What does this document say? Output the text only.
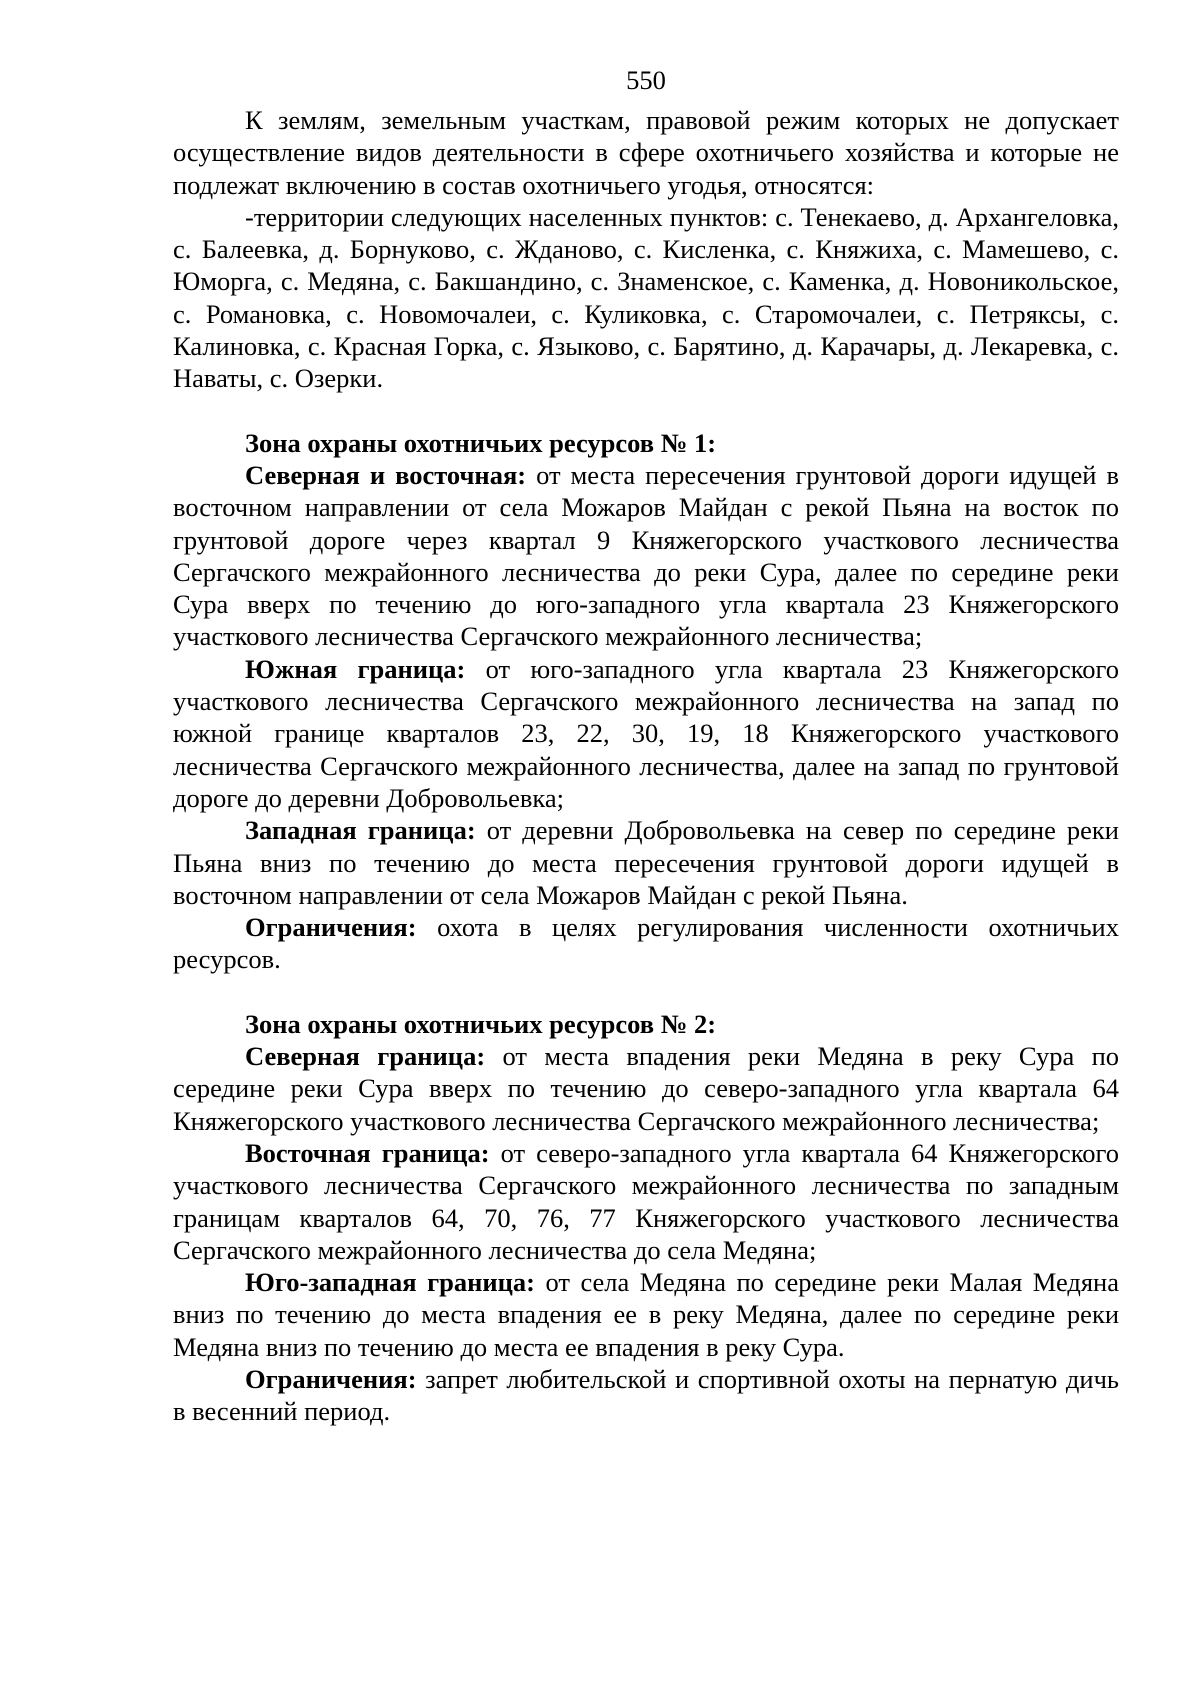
550

К землям, земельным участкам, правовой режим которых не допускает осуществление видов деятельности в сфере охотничьего хозяйства и которые не подлежат включению в состав охотничьего угодья, относятся:

-территории следующих населенных пунктов: с. Тенекаево, д. Архангеловка, с. Балеевка, д. Борнуково, с. Жданово, с. Кисленка, с. Княжиха, с. Мамешево, с. Юморга, с. Медяна, с. Бакшандино, с. Знаменское, с. Каменка, д. Новоникольское, с. Романовка, с. Новомочалеи, с. Куликовка, с. Старомочалеи, с. Петряксы, с. Калиновка, с. Красная Горка, с. Языково, с. Барятино, д. Карачары, д. Лекаревка, с. Наваты, с. Озерки.

Зона охраны охотничьих ресурсов № 1:

Северная и восточная: от места пересечения грунтовой дороги идущей в восточном направлении от села Можаров Майдан с рекой Пьяна на восток по грунтовой дороге через квартал 9 Княжегорского участкового лесничества Сергачского межрайонного лесничества до реки Сура, далее по середине реки Сура вверх по течению до юго-западного угла квартала 23 Княжегорского участкового лесничества Сергачского межрайонного лесничества;

Южная граница: от юго-западного угла квартала 23 Княжегорского участкового лесничества Сергачского межрайонного лесничества на запад по южной границе кварталов 23, 22, 30, 19, 18 Княжегорского участкового лесничества Сергачского межрайонного лесничества, далее на запад по грунтовой дороге до деревни Добровольевка;

Западная граница: от деревни Добровольевка на север по середине реки Пьяна вниз по течению до места пересечения грунтовой дороги идущей в восточном направлении от села Можаров Майдан с рекой Пьяна.

Ограничения: охота в целях регулирования численности охотничьих ресурсов.

Зона охраны охотничьих ресурсов № 2:

Северная граница: от места впадения реки Медяна в реку Сура по середине реки Сура вверх по течению до северо-западного угла квартала 64 Княжегорского участкового лесничества Сергачского межрайонного лесничества;

Восточная граница: от северо-западного угла квартала 64 Княжегорского участкового лесничества Сергачского межрайонного лесничества по западным границам кварталов 64, 70, 76, 77 Княжегорского участкового лесничества Сергачского межрайонного лесничества до села Медяна;

Юго-западная граница: от села Медяна по середине реки Малая Медяна вниз по течению до места впадения ее в реку Медяна, далее по середине реки Медяна вниз по течению до места ее впадения в реку Сура.

Ограничения: запрет любительской и спортивной охоты на пернатую дичь в весенний период.
